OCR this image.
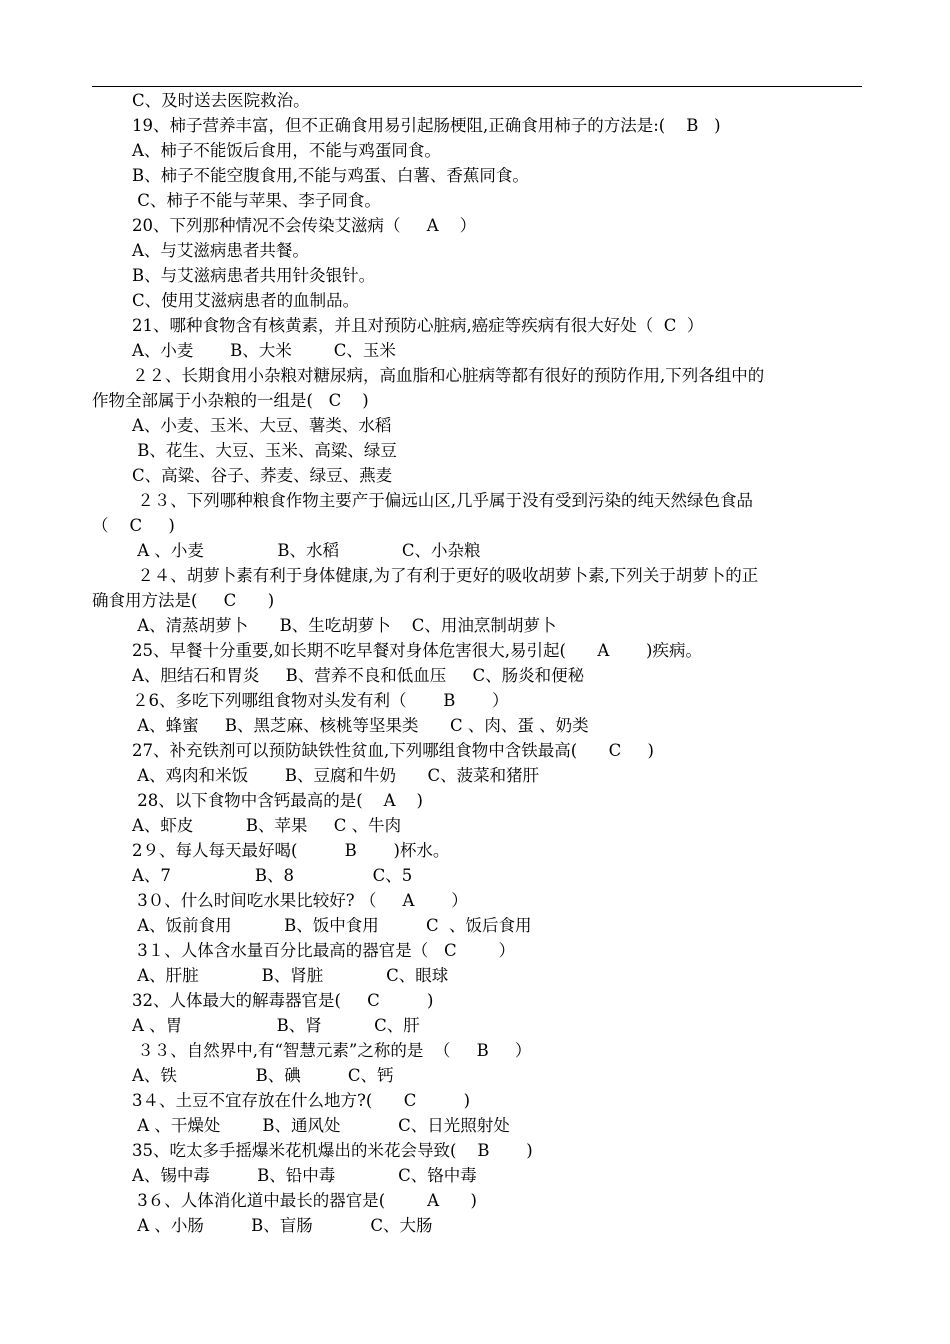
C、及时送去医院救治。
19、柿子营养丰富，但不正确食用易引起肠梗阻,正确食用柿子的方法是:(    B   )
A、柿子不能饭后食用，不能与鸡蛋同食。
B、柿子不能空腹食用,不能与鸡蛋、白薯、香蕉同食。
C、柿子不能与苹果、李子同食。
20、下列那种情况不会传染艾滋病（     A    ）
A、与艾滋病患者共餐。
B、与艾滋病患者共用针灸银针。
C、使用艾滋病患者的血制品。
21、哪种食物含有核黄素，并且对预防心脏病,癌症等疾病有很大好处（  C  ）
A、小麦       B、大米        C、玉米
２２、长期食用小杂粮对糖尿病，高血脂和心脏病等都有很好的预防作用,下列各组中的
作物全部属于小杂粮的一组是(   C    )
A、小麦、玉米、大豆、薯类、水稻
B、花生、大豆、玉米、高粱、绿豆
C、高粱、谷子、荞麦、绿豆、燕麦
２３、下列哪种粮食作物主要产于偏远山区,几乎属于没有受到污染的纯天然绿色食品
（    C     )
A 、小麦              B、水稻            C、小杂粮
２４、胡萝卜素有利于身体健康,为了有利于更好的吸收胡萝卜素,下列关于胡萝卜的正
确食用方法是(     C      )
A、清蒸胡萝卜      B、生吃胡萝卜    C、用油烹制胡萝卜
25、早餐十分重要,如长期不吃早餐对身体危害很大,易引起(      A       )疾病。
A、胆结石和胃炎     B、营养不良和低血压     C、肠炎和便秘
２6、多吃下列哪组食物对头发有利（       B       ）
A、蜂蜜     B、黑芝麻、核桃等坚果类      C 、肉、蛋 、奶类
27、补充铁剂可以预防缺铁性贫血,下列哪组食物中含铁最高(      C     )
A、鸡肉和米饭       B、豆腐和牛奶      C、菠菜和猪肝
28、以下食物中含钙最高的是(    A    )
A、虾皮          B、苹果     C 、牛肉
2９、每人每天最好喝(         B       )杯水。
A、7                B、8               C、5
3０、什么时间吃水果比较好? （     A       ）
A、饭前食用          B、饭中食用         C  、饭后食用
3１、人体含水量百分比最高的器官是（   C        ）
A、肝脏            B、肾脏            C、眼球
32、人体最大的解毒器官是(     C         )
A 、胃                  B、肾          C、肝
３３、自然界中,有“智慧元素”之称的是  （     B     ）
A、铁               B、碘         C、钙
3４、土豆不宜存放在什么地方?(      C         )
A 、干燥处        B、通风处           C、日光照射处
35、吃太多手摇爆米花机爆出的米花会导致(    B       )
A、锡中毒         B、铅中毒            C、铬中毒
3６、人体消化道中最长的器官是(        A      )
A 、小肠         B、盲肠           C、大肠
